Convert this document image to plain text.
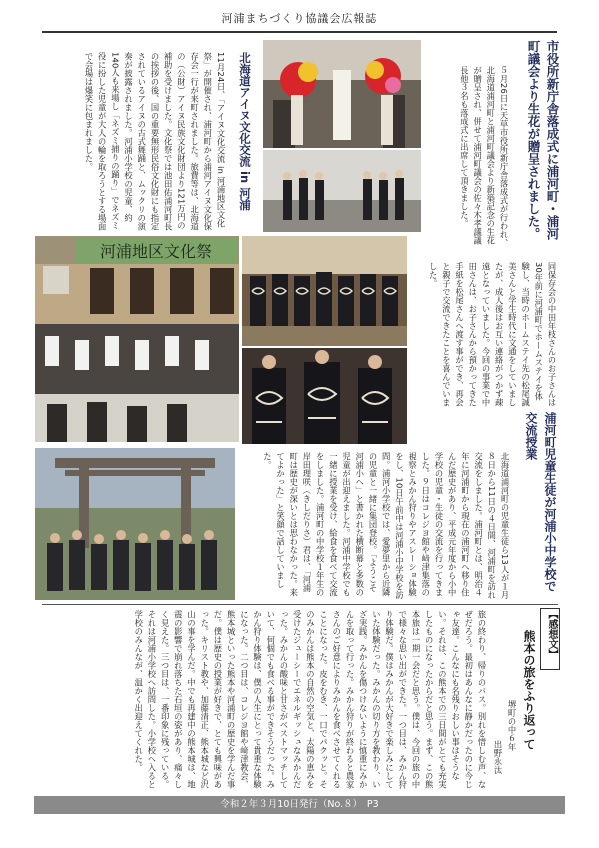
河浦まちづくり協議会広報誌
市役所新庁舎落成式に浦河町・浦河
町議会より生花が贈呈されました。
５月26日に天草市役所新庁舎落成式が行われ、北海道浦河町と浦河町議会より新築記念の生花が贈呈され、併せて浦河町議会の佐々木孝議議長他３名も落成式に出席して頂きました。
同保存会の中田年枝さんのお子さんは30年前に河浦町でホームステイを体験し、当時のホームステイ先の松尾誠美さんと学生時代に文通をしていましたが、成人後はお互い連絡がつかず疎遠となっていました。今回の事業で中田さんは、お子さんから預かってきた手紙を松尾さんへ渡す事ができ、再会と親子で交流できたことを喜んでいました。
北海道アイヌ文化交流 in 河浦
11月24日、「アイヌ文化交流 in 河浦地区文化祭」が開催され、浦河町から浦河アイヌ文化保存会一行が来町されました。旅費等は、北海道の（公財）アイヌ民族文化財団より121万円の補助を受けました。文化祭では池田佑浦河町長の挨拶の後、国の重要無形民俗文化財にも指定されているアイヌの古式舞踊と、ムックリの演奏が披露されました。河浦小学校の児童、約140人も来場し「ネズミ捕りの踊り」でネズミ役に扮した児童が大人の輪を取ろうとする場面で会場は爆笑に包まれました。
河浦地区文化祭
浦河町児童生徒が河浦小中学校で交流授業
北海道浦河町の児童生徒ら13人が１月８日から11日の４日間、河浦町を訪れ交流をしました。浦河町とは、明治４年に河浦町から現在の浦河町へ移り住んだ歴史があり、平成元年度から小中学校の児童・生徒の交流を行ってきました。９日はコレジヨ館や﨑津集落の視察とみかん狩りやアスレーショ体験をし、10日午前中は河浦小中学校を訪問。浦河小学校では、愛夢里から近隣の児童と一緒に集団登校。「ようこそ河浦小へ」と書かれた横断幕と多数の児童が出迎えました。河浦中学校でも一緒に授業を受け、給食を食べて交流をしました。浦河町の中学校１年生の岸田理咲（きしだりさ）君は、「河浦町は歴史が深いとは思わなかった。来てよかった」と笑顔で話していました。
【感想文】
熊本の旅をふり返って
堺町の中６年
出野永汰
旅の終わり、帰りのバス。別れを惜しむ声、なぜだろう。最初はあんなに静かだったのに今じゃ友達。こんなにも名残りおしい事はそうない。それは、この熊本での三日間がとても充実したものになったからだと思う。まず、この熊本旅は一期一会だと思う。僕は、今回の旅の中で様々な思い出ができた。一つ目は、みかん狩り体験だ。僕はみかんが大好きで楽しみにしていた体験だった。みかんの切り方を教わり、いざ実践。みかんを傷つけないように慎重にみかんを取って行った。みかん狩りが終わると農家さんのご好意によりみかんを食べさせてくれることになった。皮をむき、一口でパクッと。そのみかんは熊本の自然の空気と、太陽の恵みを受けたジューシーでエネルギッシュなみかんだった。みかんの酸味と甘さがベストマッチしていて、何個でも食べる事ができそうだった。みかん狩り体験は、僕の人生にとって貴重な体験になった。二つ目は、コレジヨ館や﨑津教会、熊本城といった熊本や河浦町の歴史を学んだ事だ。僕は歴史の授業が好きで、とても興味があった。キリスト教や、加藤清正、熊本城など沢山の事を学んだ。中でも再建中の熊本城は、地震の影響で崩れ落ちた石垣の姿があり、痛々しく見えた。三つ目は、一番印象に残っている。それは河浦小学校へ訪問した。小学校へ入ると学校のみんなが、温かく出迎えてくれた。
令和２年３月10日発行（No.８）　P3
